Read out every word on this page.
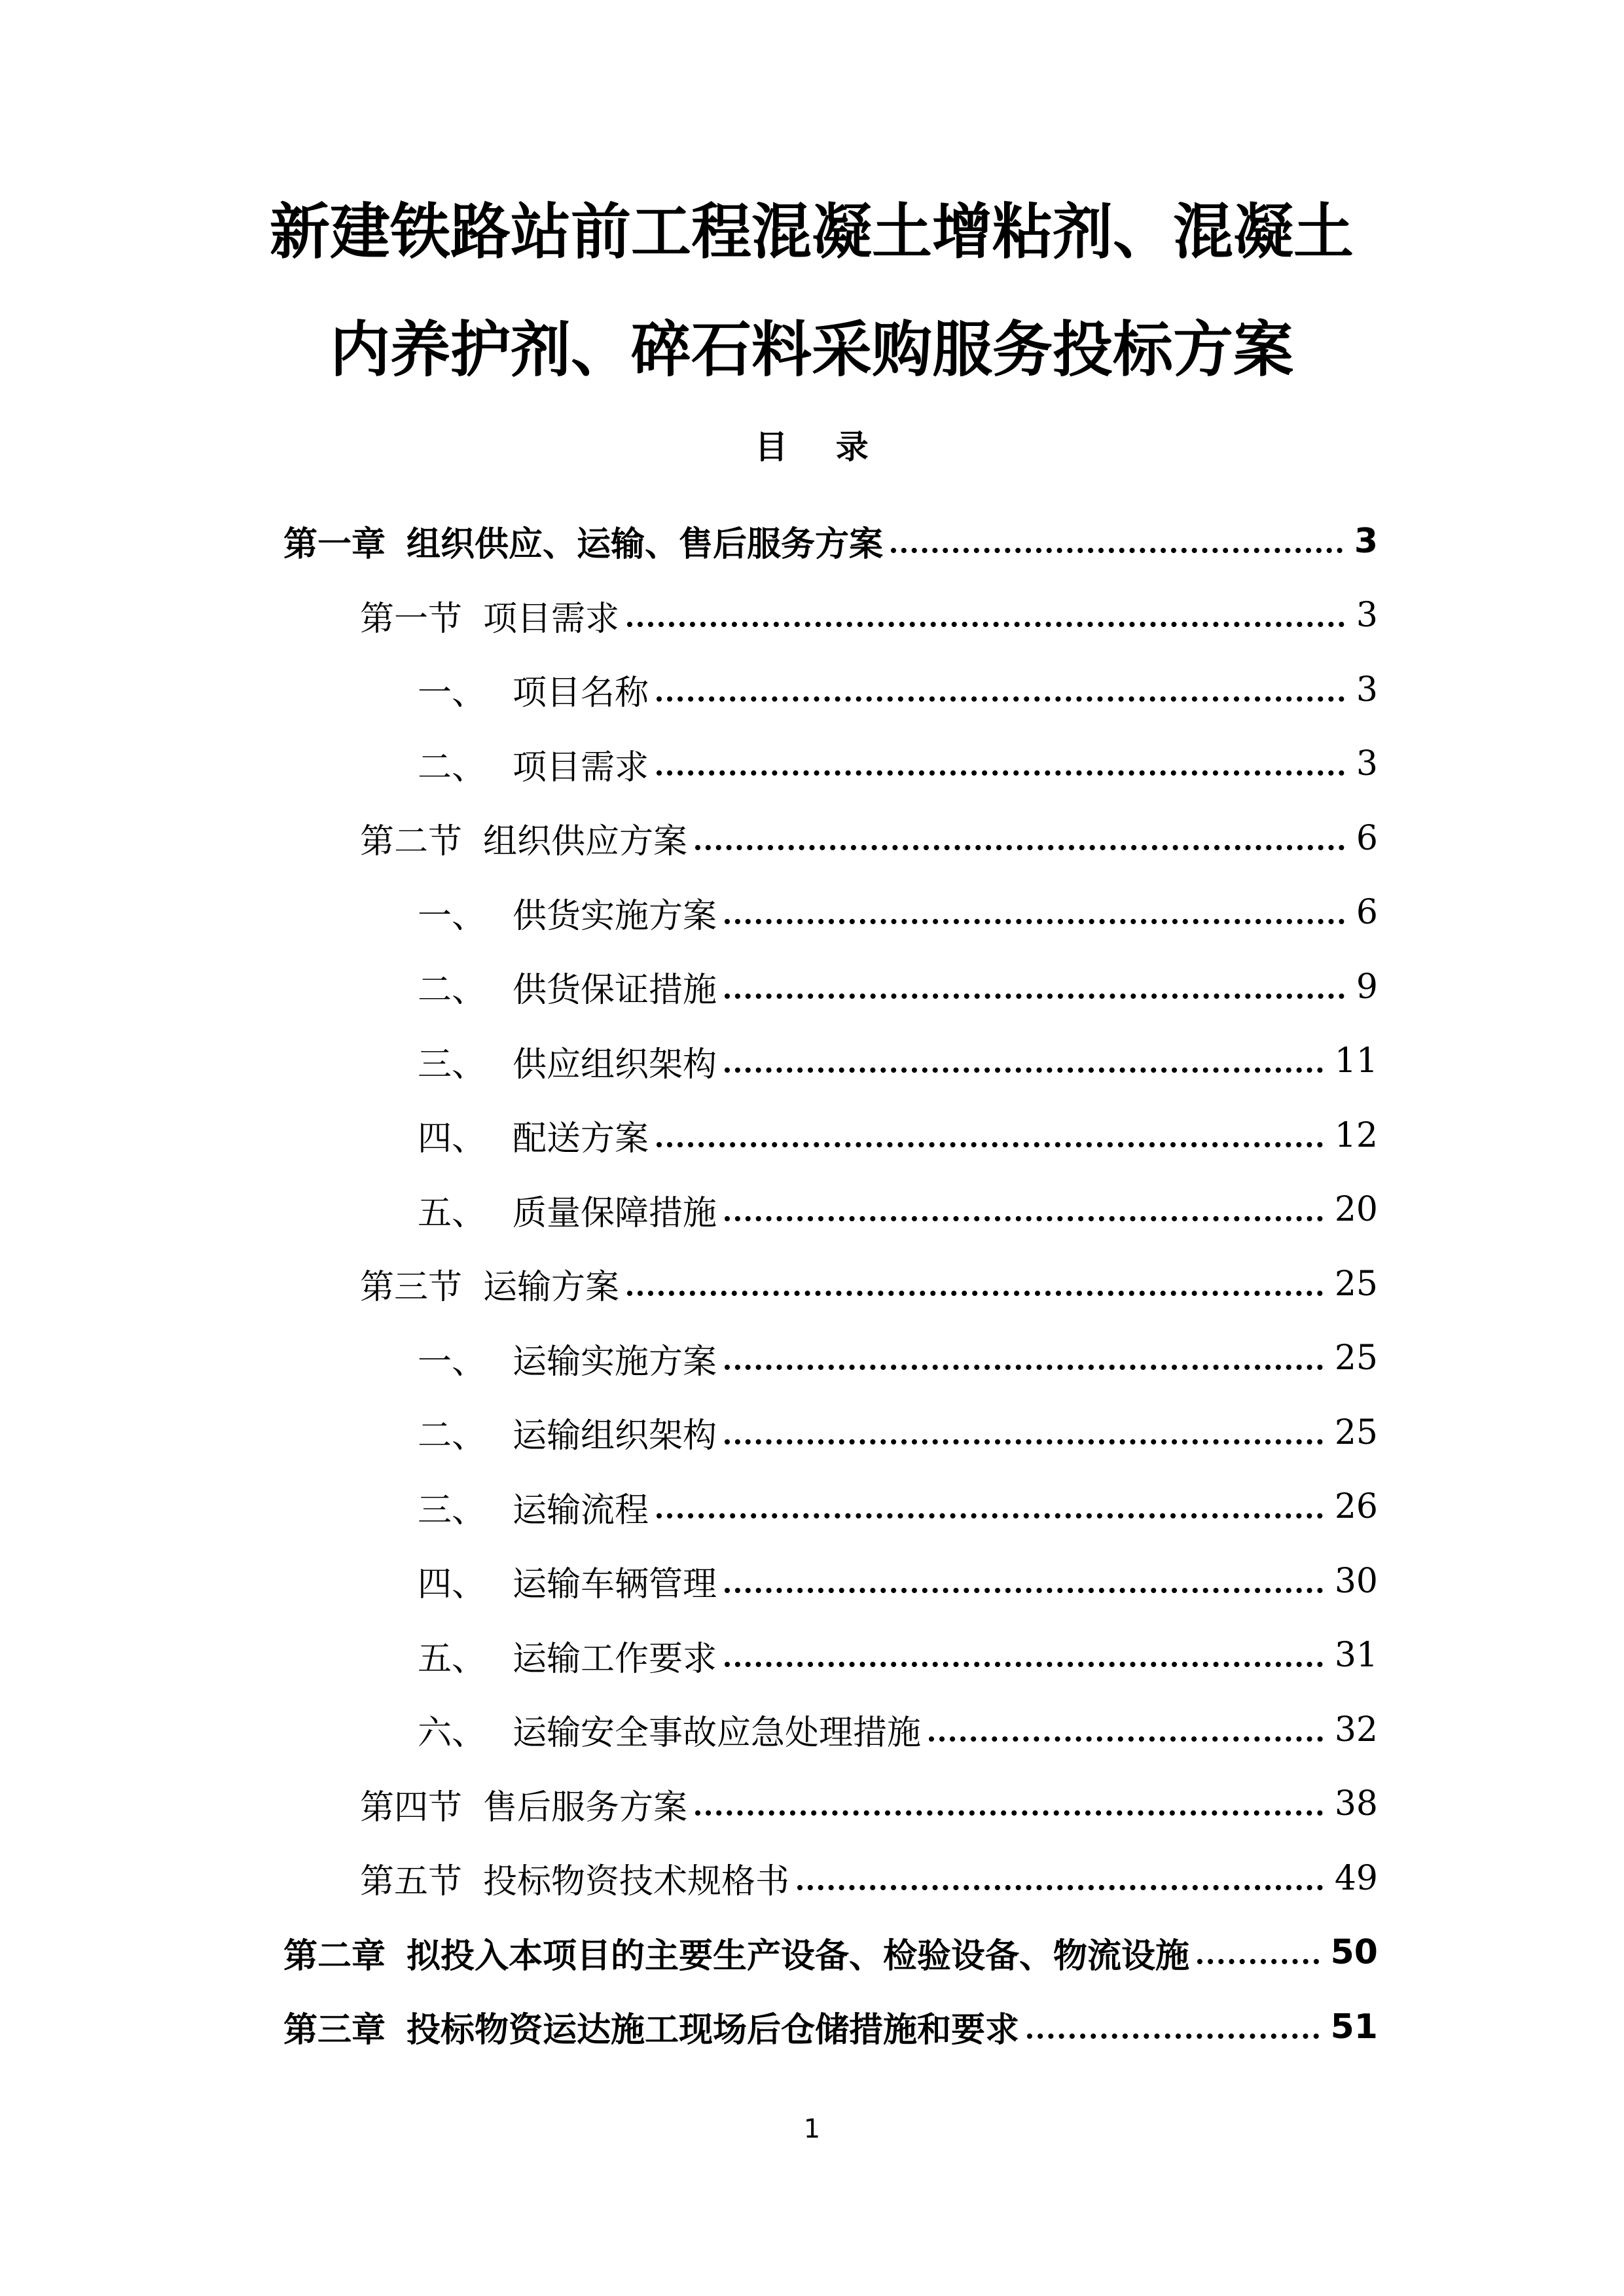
新建铁路站前工程混凝土增粘剂、混凝土
内养护剂、碎石料采购服务投标方案
目 录
第一章 组织供应、运输、售后服务方案	3
第一节 项目需求	3
一、 项目名称	3
二、 项目需求	3
第二节 组织供应方案	6
一、 供货实施方案	6
二、 供货保证措施	9
三、 供应组织架构	11
四、 配送方案	12
五、 质量保障措施	20
第三节 运输方案	25
一、 运输实施方案	25
二、 运输组织架构	25
三、 运输流程	26
四、 运输车辆管理	30
五、 运输工作要求	31
六、 运输安全事故应急处理措施	32
第四节 售后服务方案	38
第五节 投标物资技术规格书	49
第二章 拟投入本项目的主要生产设备、检验设备、物流设施	50
第三章 投标物资运达施工现场后仓储措施和要求	51
1
